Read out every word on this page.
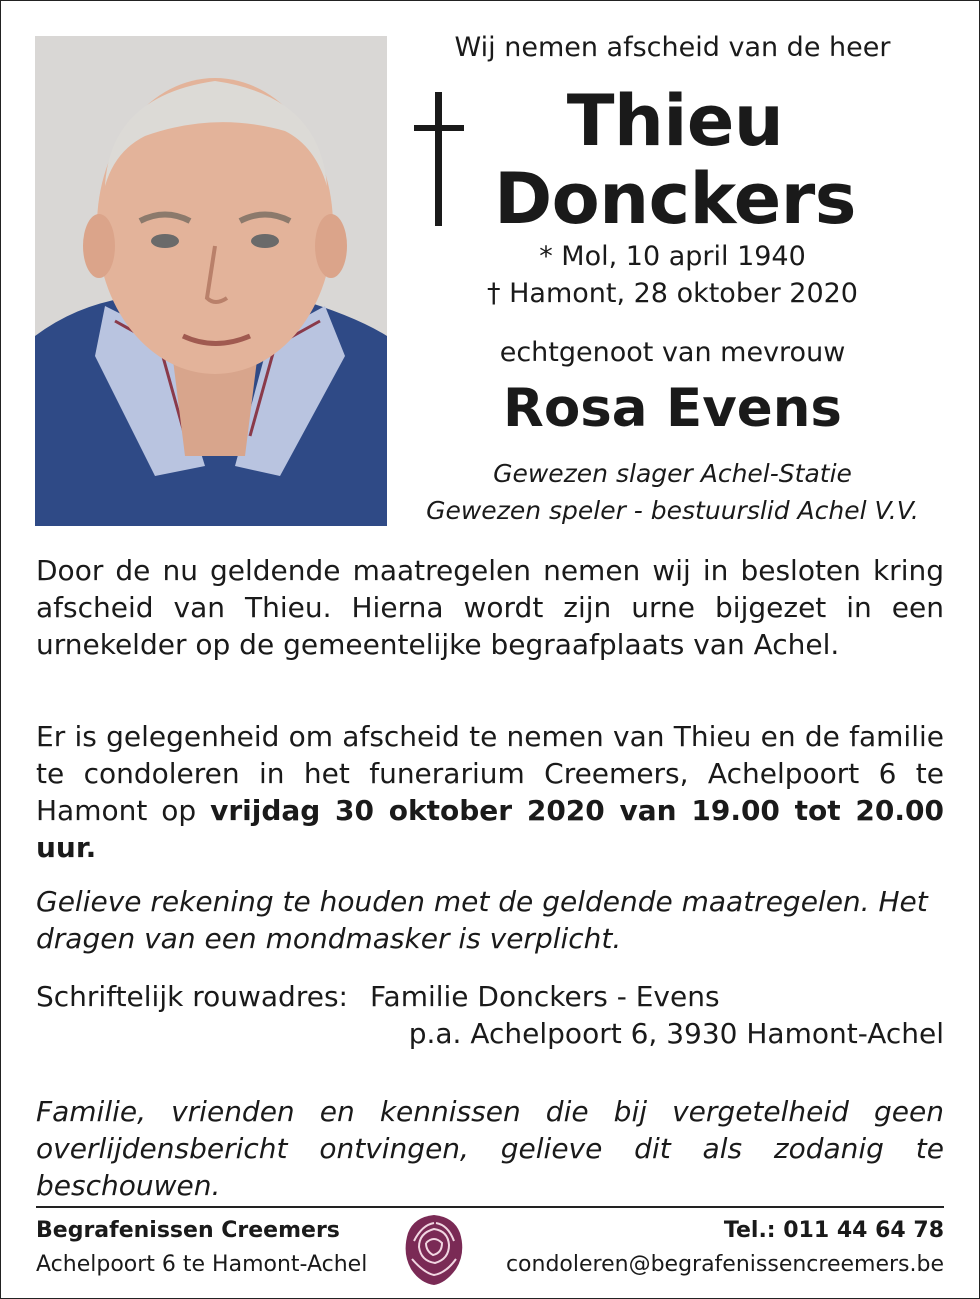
Wij nemen afscheid van de heer
Thieu
Donckers
* Mol, 10 april 1940
† Hamont, 28 oktober 2020
echtgenoot van mevrouw
Rosa Evens
Gewezen slager Achel-Statie
Gewezen speler - bestuurslid Achel V.V.
Door de nu geldende maatregelen nemen wij in besloten kring afscheid van Thieu. Hierna wordt zijn urne bijgezet in een urnekelder op de gemeentelijke begraafplaats van Achel.
Er is gelegenheid om afscheid te nemen van Thieu en de familie te condoleren in het funerarium Creemers, Achelpoort 6 te Hamont op vrijdag 30 oktober 2020 van 19.00 tot 20.00 uur.
Gelieve rekening te houden met de geldende maatregelen. Het dragen van een mondmasker is verplicht.
Schriftelijk rouwadres: Familie Donckers - Evens
p.a. Achelpoort 6, 3930 Hamont-Achel
Familie, vrienden en kennissen die bij vergetelheid geen overlijdensbericht ontvingen, gelieve dit als zodanig te beschouwen.
Begrafenissen Creemers
Achelpoort 6 te Hamont-Achel
Tel.: 011 44 64 78
condoleren@begrafenissencreemers.be
